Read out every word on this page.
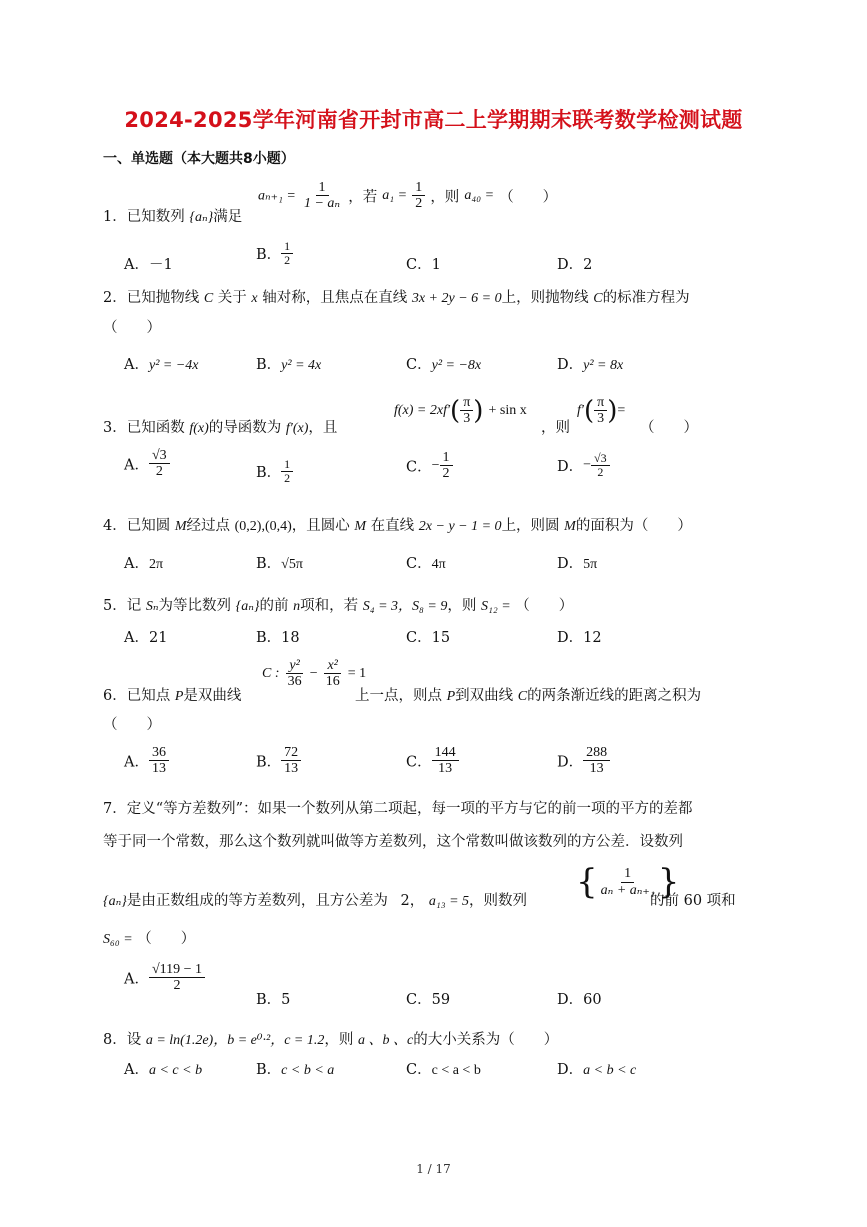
2024-2025学年河南省开封市高二上学期期末联考数学检测试题
一、单选题（本大题共8小题）
1．已知数列 {aₙ}满足
$a_{n+1} = \frac{1}{\text{1 − aₙ}}$ ，若 $a_1 = \frac{1}{2}$ ，则 a₄₀ = （　　）
A．－1
B． $\frac{1}{2}$	C．1	D．2
2．已知抛物线 C 关于 x 轴对称，且焦点在直线 3x + 2y − 6 = 0上，则抛物线 C的标准方程为
（　　）
A．y² = −4x	B．y² = 4x	C．y² = −8x	D．y² = 8x
3．已知函数 f(x)的导函数为 f′(x)，且
$f(x) = 2xf'( \frac{\pi}{3}$ ) + sin x
，则
$f'( \frac{\pi}{3}$ )=
（　　）
A． $\frac{√3}{2}$	B． $\frac{1}{2}$	C．− $\frac{1}{2}$	D．− $\frac{√3}{2}$
4．已知圆 M经过点 (0,2),(0,4)，且圆心 M 在直线 2x − y − 1 = 0上，则圆 M的面积为（　　）
A．2π	B．√5π	C．4π	D．5π
5．记 Sₙ为等比数列 {aₙ}的前 n项和，若 S₄ = 3，S₈ = 9，则 S₁₂ = （　　）
A．21	B．18	C．15	D．12
6．已知点 P是双曲线
C : $\frac{\text{y²}}{36} - \frac{\text{x²}}{16} = 1$
上一点，则点 P到双曲线 C的两条渐近线的距离之积为
（　　）
A． $\frac{36}{13}$	B． $\frac{72}{13}$	C． $\frac{144}{13}$	D． $\frac{288}{13}$
7．定义“等方差数列”：如果一个数列从第二项起，每一项的平方与它的前一项的平方的差都
等于同一个常数，那么这个数列就叫做等方差数列，这个常数叫做该数列的方公差．设数列
{aₙ}是由正数组成的等方差数列，且方公差为 2， a₁₃ = 5，则数列 { $\frac{1}{\text{aₙ + aₙ₊₁}}$ }
的前 60 项和
S₆₀ = （　　）
A． $\frac{√119 - 1}{2}$
B．5	C．59	D．60
8．设 a = ln(1.2e)，b = e⁰·²，c = 1.2，则 a 、b 、c的大小关系为（　　）
A．a < c < b	B．c < b < a	C．c < a < b	D．a < b < c
1 / 17
